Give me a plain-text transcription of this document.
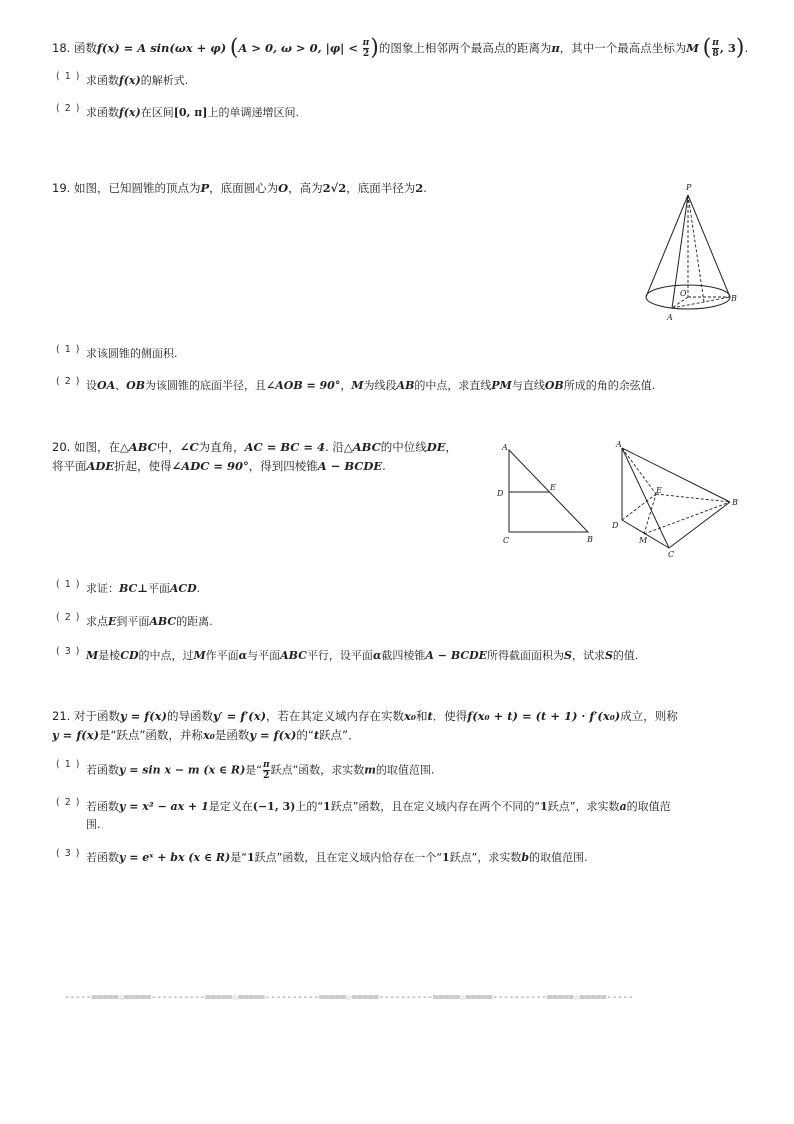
18. 函数f(x) = A sin(ωx + φ) (A > 0, ω > 0, $|\varphi| < \frac{\pi}{2}$ )的图象上相邻两个最高点的距离为π，其中一个最高点坐标为M ( $\frac{\pi}{8}$ , 3).
( 1 ) 求函数f(x)的解析式.
( 2 ) 求函数f(x)在区间[0, π]上的单调递增区间.
19. 如图，已知圆锥的顶点为P，底面圆心为O，高为2√2，底面半径为2.	P
O
A
B
( 1 ) 求该圆锥的侧面积.
( 2 ) 设OA、OB为该圆锥的底面半径，且∠AOB = 90°，M为线段AB的中点，求直线PM与直线OB所成的角的余弦值.
20. 如图，在△ABC中，∠C为直角，AC = BC = 4. 沿△ABC的中位线DE，
将平面ADE折起，使得∠ADC = 90°，得到四棱锥A − BCDE.
A
D
E
C	B
A
E
B
D
M
C
( 1 ) 求证：BC⊥平面ACD.
( 2 ) 求点E到平面ABC的距离.
( 3 ) M是棱CD的中点，过M作平面α与平面ABC平行，设平面α截四棱锥A − BCDE所得截面面积为S，试求S的值.
21. 对于函数y = f(x)的导函数y′ = f′(x)，若在其定义域内存在实数x₀和t．使得f(x₀ + t) = (t + 1) · f′(x₀)成立，则称
y = f(x)是“跃点”函数，并称x₀是函数y = f(x)的“t跃点”．
( 1 ) 若函数y = sin x − m (x ∈ R)是“ $\frac{\pi}{2}$ 跃点”函数，求实数m的取值范围.
( 2 ) 若函数y = x² − ax + 1是定义在(−1, 3)上的“1跃点”函数，且在定义域内存在两个不同的“1跃点”，求实数a的取值范
围.
( 3 ) 若函数y = eˣ + bx (x ∈ R)是“1跃点”函数，且在定义域内恰存在一个“1跃点”，求实数b的取值范围.
-----=====☆=====----------=====☆=====----------=====☆=====----------=====☆=====----------=====☆=====-----
